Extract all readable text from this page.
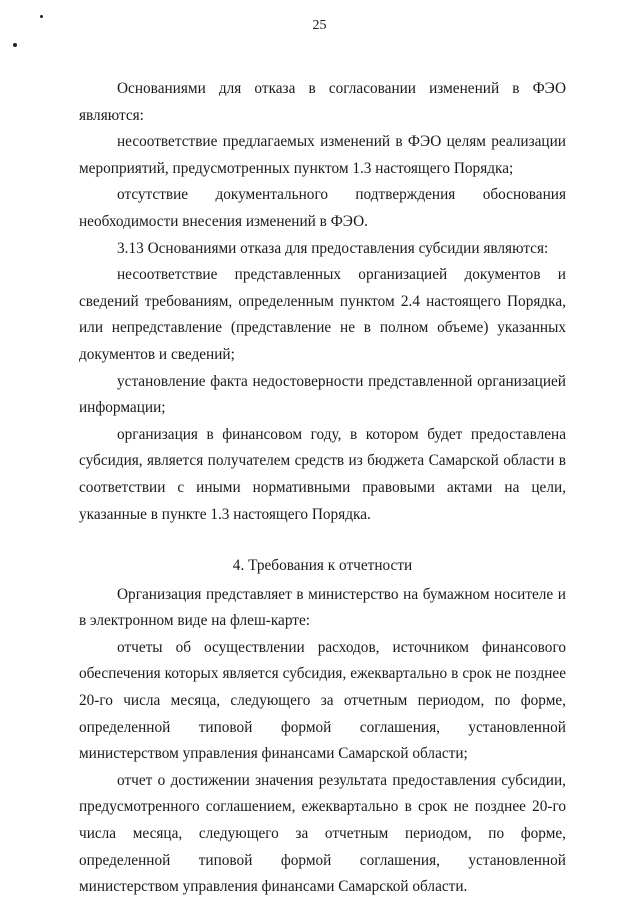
25

Основаниями для отказа в согласовании изменений в ФЭО являются:

несоответствие предлагаемых изменений в ФЭО целям реализации мероприятий, предусмотренных пунктом 1.3 настоящего Порядка;

отсутствие документального подтверждения обоснования необходимости внесения изменений в ФЭО.

3.13 Основаниями отказа для предоставления субсидии являются:

несоответствие представленных организацией документов и сведений требованиям, определенным пунктом 2.4 настоящего Порядка, или непредставление (представление не в полном объеме) указанных документов и сведений;

установление факта недостоверности представленной организацией информации;

организация в финансовом году, в котором будет предоставлена субсидия, является получателем средств из бюджета Самарской области в соответствии с иными нормативными правовыми актами на цели, указанные в пункте 1.3 настоящего Порядка.

4. Требования к отчетности

Организация представляет в министерство на бумажном носителе и в электронном виде на флеш-карте:

отчеты об осуществлении расходов, источником финансового обеспечения которых является субсидия, ежеквартально в срок не позднее 20-го числа месяца, следующего за отчетным периодом, по форме, определенной типовой формой соглашения, установленной министерством управления финансами Самарской области;

отчет о достижении значения результата предоставления субсидии, предусмотренного соглашением, ежеквартально в срок не позднее 20-го числа месяца, следующего за отчетным периодом, по форме, определенной типовой формой соглашения, установленной министерством управления финансами Самарской области.
